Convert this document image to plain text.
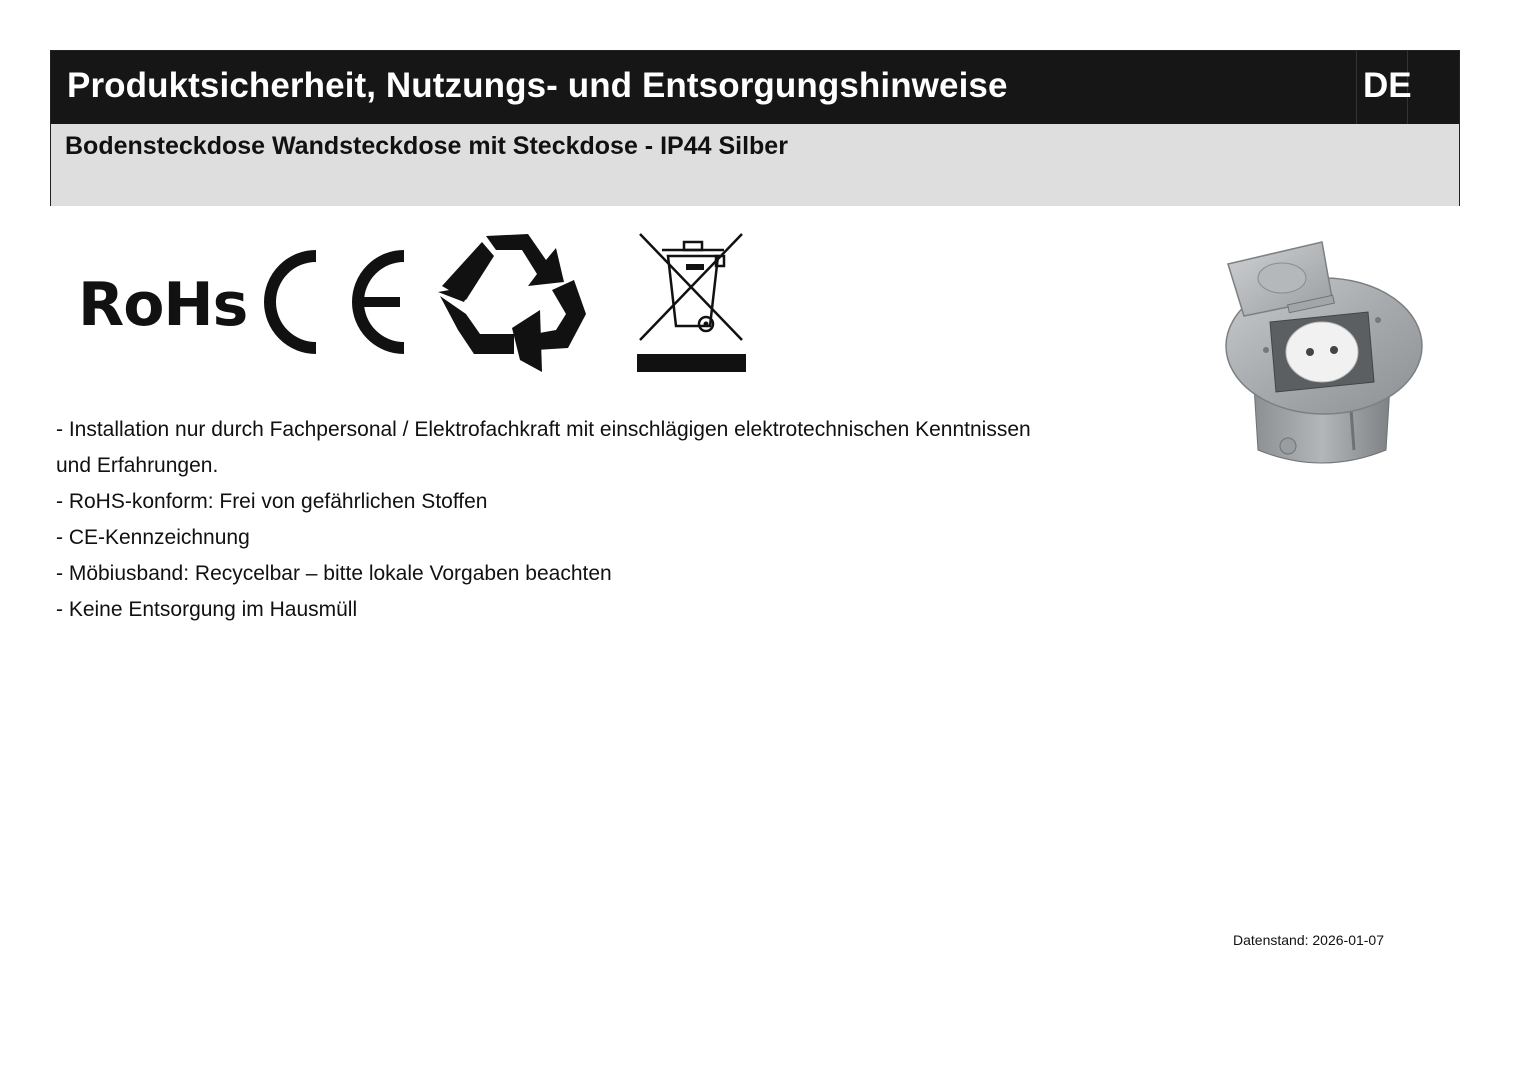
Produktsicherheit, Nutzungs- und Entsorgungshinweise	DE
Bodensteckdose Wandsteckdose mit Steckdose - IP44 Silber
RoHs
- Installation nur durch Fachpersonal / Elektrofachkraft mit einschlägigen elektrotechnischen Kenntnissen
und Erfahrungen.
- RoHS-konform: Frei von gefährlichen Stoffen
- CE-Kennzeichnung
- Möbiusband: Recycelbar – bitte lokale Vorgaben beachten
- Keine Entsorgung im Hausmüll
Datenstand: 2026-01-07
